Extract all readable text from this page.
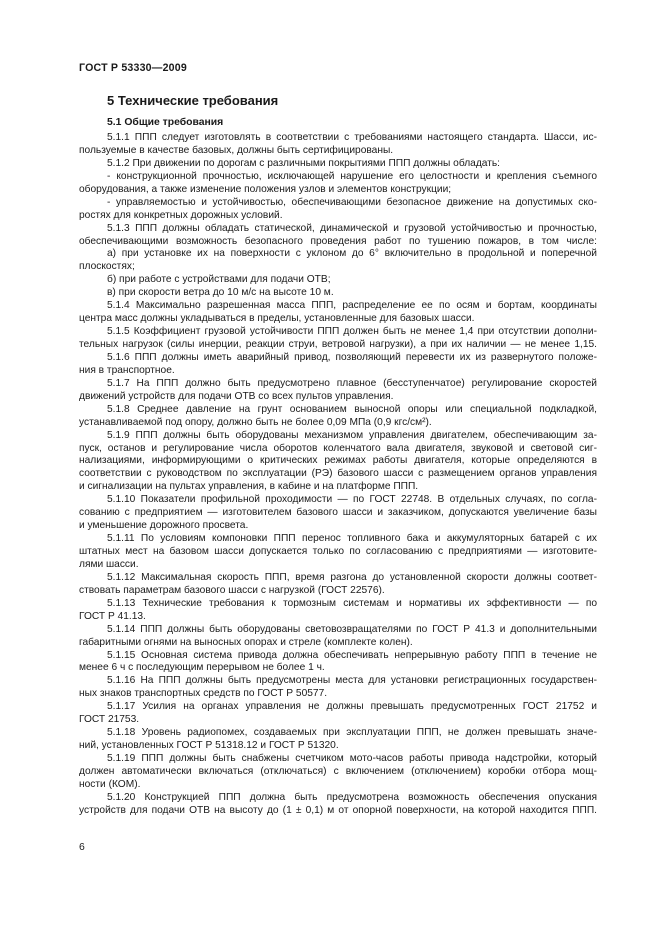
ГОСТ Р 53330—2009
5 Технические требования
5.1 Общие требования
5.1.1 ППП следует изготовлять в соответствии с требованиями настоящего стандарта. Шасси, ис-
пользуемые в качестве базовых, должны быть сертифицированы.
5.1.2 При движении по дорогам с различными покрытиями ППП должны обладать:
- конструкционной прочностью, исключающей нарушение его целостности и крепления съемного
оборудования, а также изменение положения узлов и элементов конструкции;
- управляемостью и устойчивостью, обеспечивающими безопасное движение на допустимых ско-
ростях для конкретных дорожных условий.
5.1.3 ППП должны обладать статической, динамической и грузовой устойчивостью и прочностью,
обеспечивающими возможность безопасного проведения работ по тушению пожаров, в том числе:
а) при установке их на поверхности с уклоном до 6° включительно в продольной и поперечной
плоскостях;
б) при работе с устройствами для подачи ОТВ;
в) при скорости ветра до 10 м/с на высоте 10 м.
5.1.4 Максимально разрешенная масса ППП, распределение ее по осям и бортам, координаты
центра масс должны укладываться в пределы, установленные для базовых шасси.
5.1.5 Коэффициент грузовой устойчивости ППП должен быть не менее 1,4 при отсутствии дополни-
тельных нагрузок (силы инерции, реакции струи, ветровой нагрузки), а при их наличии — не менее 1,15.
5.1.6 ППП должны иметь аварийный привод, позволяющий перевести их из развернутого положе-
ния в транспортное.
5.1.7 На ППП должно быть предусмотрено плавное (бесступенчатое) регулирование скоростей
движений устройств для подачи ОТВ со всех пультов управления.
5.1.8 Среднее давление на грунт основанием выносной опоры или специальной подкладкой,
устанавливаемой под опору, должно быть не более 0,09 МПа (0,9 кгс/см²).
5.1.9 ППП должны быть оборудованы механизмом управления двигателем, обеспечивающим за-
пуск, останов и регулирование числа оборотов коленчатого вала двигателя, звуковой и световой сиг-
нализациями, информирующими о критических режимах работы двигателя, которые определяются в
соответствии с руководством по эксплуатации (РЭ) базового шасси с размещением органов управления
и сигнализации на пультах управления, в кабине и на платформе ППП.
5.1.10 Показатели профильной проходимости — по ГОСТ 22748. В отдельных случаях, по согла-
сованию с предприятием — изготовителем базового шасси и заказчиком, допускаются увеличение базы
и уменьшение дорожного просвета.
5.1.11 По условиям компоновки ППП перенос топливного бака и аккумуляторных батарей с их
штатных мест на базовом шасси допускается только по согласованию с предприятиями — изготовите-
лями шасси.
5.1.12 Максимальная скорость ППП, время разгона до установленной скорости должны соответ-
ствовать параметрам базового шасси с нагрузкой (ГОСТ 22576).
5.1.13 Технические требования к тормозным системам и нормативы их эффективности — по
ГОСТ Р 41.13.
5.1.14 ППП должны быть оборудованы световозвращателями по ГОСТ Р 41.3 и дополнительными
габаритными огнями на выносных опорах и стреле (комплекте колен).
5.1.15 Основная система привода должна обеспечивать непрерывную работу ППП в течение не
менее 6 ч с последующим перерывом не более 1 ч.
5.1.16 На ППП должны быть предусмотрены места для установки регистрационных государствен-
ных знаков транспортных средств по ГОСТ Р 50577.
5.1.17 Усилия на органах управления не должны превышать предусмотренных ГОСТ 21752 и
ГОСТ 21753.
5.1.18 Уровень радиопомех, создаваемых при эксплуатации ППП, не должен превышать значе-
ний, установленных ГОСТ Р 51318.12 и ГОСТ Р 51320.
5.1.19 ППП должны быть снабжены счетчиком мото-часов работы привода надстройки, который
должен автоматически включаться (отключаться) с включением (отключением) коробки отбора мощ-
ности (КОМ).
5.1.20 Конструкцией ППП должна быть предусмотрена возможность обеспечения опускания
устройств для подачи ОТВ на высоту до (1 ± 0,1) м от опорной поверхности, на которой находится ППП.
6
